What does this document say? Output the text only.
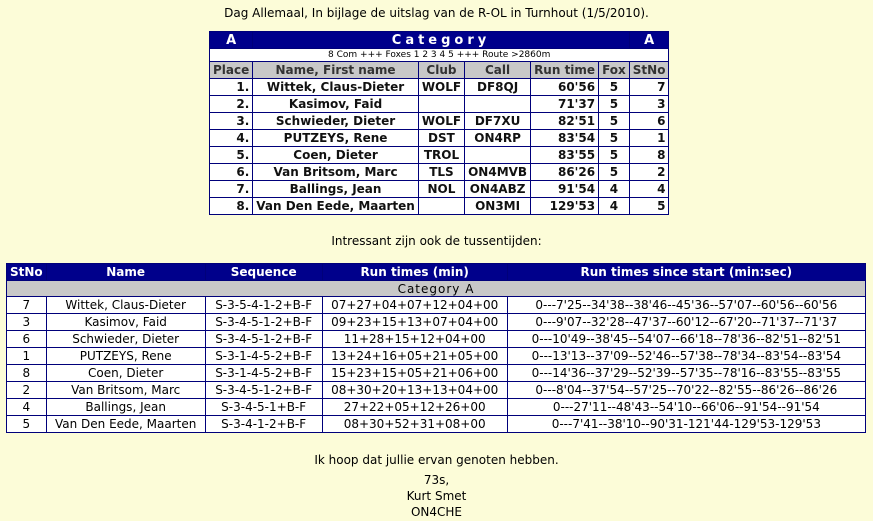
Dag Allemaal, In bijlage de uitslag van de R-OL in Turnhout (1/5/2010).
A	Category					A
8 Com +++ Foxes 1 2 3 4 5 +++ Route >2860m						
Place	Name, First name	Club	Call	Run time	Fox	StNo
1.	Wittek, Claus-Dieter	WOLF	DF8QJ	60'56	5	7
2.	Kasimov, Faid			71'37	5	3
3.	Schwieder, Dieter	WOLF	DF7XU	82'51	5	6
4.	PUTZEYS, Rene	DST	ON4RP	83'54	5	1
5.	Coen, Dieter	TROL		83'55	5	8
6.	Van Britsom, Marc	TLS	ON4MVB	86'26	5	2
7.	Ballings, Jean	NOL	ON4ABZ	91'54	4	4
8.	Van Den Eede, Maarten		ON3MI	129'53	4	5
Intressant zijn ook de tussentijden:
StNo	Name	Sequence	Run times (min)	Run times since start (min:sec)
Category A				
7	Wittek, Claus-Dieter	S-3-5-4-1-2+B-F	07+27+04+07+12+04+00	0---7'25--34'38--38'46--45'36--57'07--60'56--60'56
3	Kasimov, Faid	S-3-4-5-1-2+B-F	09+23+15+13+07+04+00	0---9'07--32'28--47'37--60'12--67'20--71'37--71'37
6	Schwieder, Dieter	S-3-4-5-1-2+B-F	11+28+15+12+04+00	0---10'49--38'45--54'07--66'18--78'36--82'51--82'51
1	PUTZEYS, Rene	S-3-1-4-5-2+B-F	13+24+16+05+21+05+00	0---13'13--37'09--52'46--57'38--78'34--83'54--83'54
8	Coen, Dieter	S-3-1-4-5-2+B-F	15+23+15+05+21+06+00	0---14'36--37'29--52'39--57'35--78'16--83'55--83'55
2	Van Britsom, Marc	S-3-4-5-1-2+B-F	08+30+20+13+13+04+00	0---8'04--37'54--57'25--70'22--82'55--86'26--86'26
4	Ballings, Jean	S-3-4-5-1+B-F	27+22+05+12+26+00	0---27'11--48'43--54'10--66'06--91'54--91'54
5	Van Den Eede, Maarten	S-3-4-1-2+B-F	08+30+52+31+08+00	0---7'41--38'10--90'31-121'44-129'53-129'53
Ik hoop dat jullie ervan genoten hebben.
73s,
Kurt Smet
ON4CHE
